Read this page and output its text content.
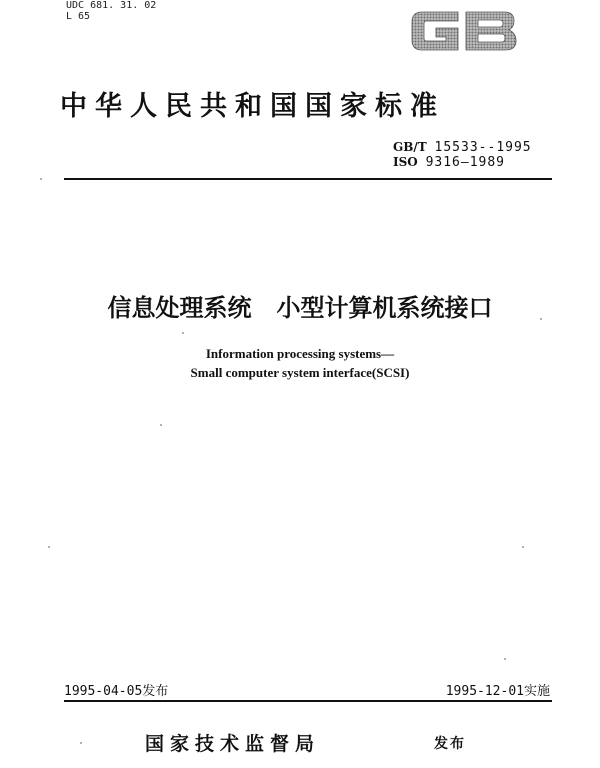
UDC 681. 31. 02
L 65
中华人民共和国国家标准
GB/T 15533--1995
ISO 9316—1989
信息处理系统   小型计算机系统接口
Information processing systems—
Small computer system interface(SCSI)
1995-04-05发布	1995-12-01实施
国家技术监督局	发布
